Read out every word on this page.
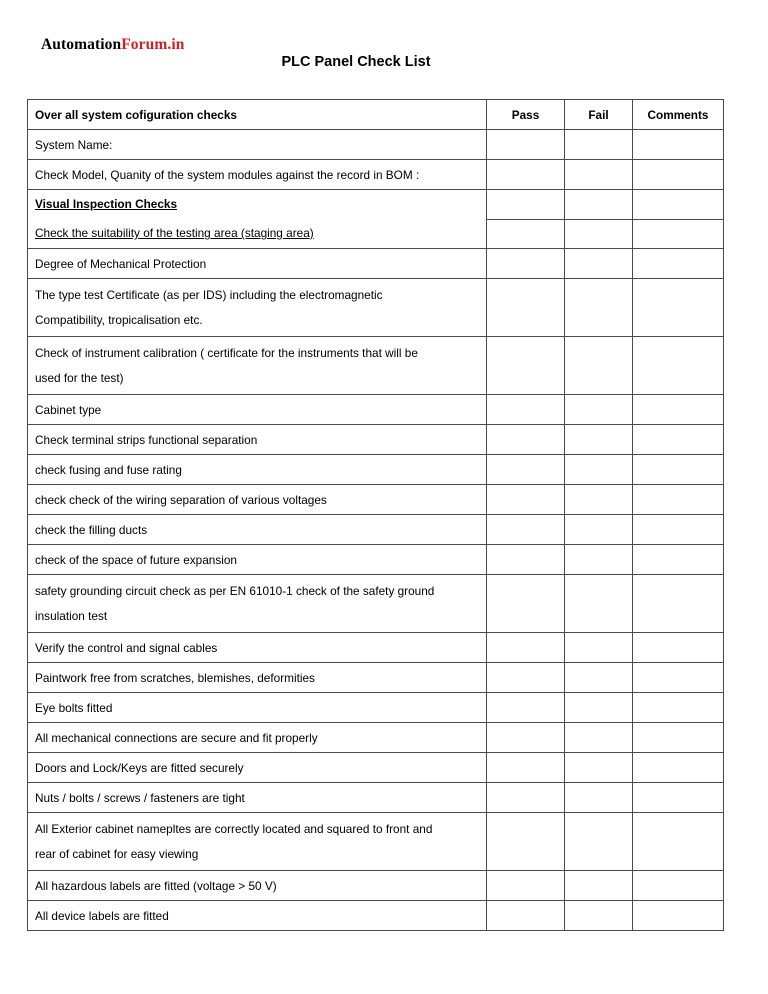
AutomationForum.in
PLC Panel Check List
Over all system cofiguration checks	Pass	Fail	Comments
System Name:			
Check Model, Quanity of the system modules against the record in BOM :			

Visual Inspection Checks
Check the suitability of the testing area (staging area)			

Degree of Mechanical Protection			

The type test Certificate (as per IDS) including the electromagnetic
Compatibility, tropicalisation etc.			

Check of instrument calibration ( certificate for the instruments that will be
used for the test)			

Cabinet type			
Check terminal strips functional separation			
check fusing and fuse rating			
check check of the wiring separation of various voltages			
check the filling ducts			
check of the space of future expansion			

safety grounding circuit check as per EN 61010-1 check of the safety ground
insulation test			

Verify the control and signal cables			
Paintwork free from scratches, blemishes, deformities			
Eye bolts fitted			
All mechanical connections are secure and fit properly			
Doors and Lock/Keys are fitted securely			
Nuts / bolts / screws / fasteners are tight			

All Exterior cabinet namepltes are correctly located and squared to front and
rear of cabinet for easy viewing			

All hazardous labels are fitted (voltage > 50 V)			
All device labels are fitted			
